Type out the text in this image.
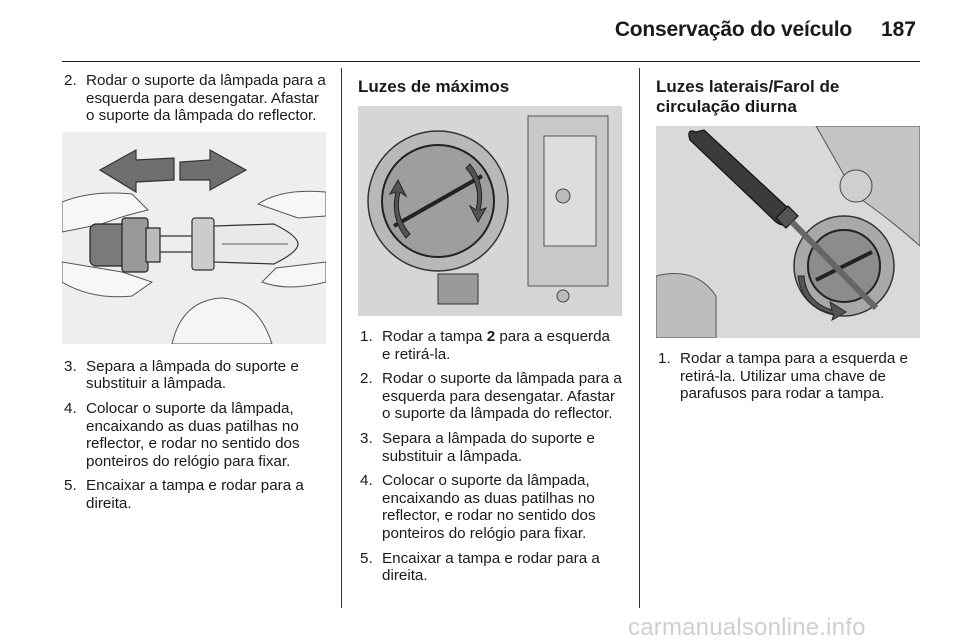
Conservação do veículo 187
2. Rodar o suporte da lâmpada para a esquerda para desengatar. Afastar o suporte da lâmpada do reflector.
3. Separa a lâmpada do suporte e substituir a lâmpada.
4. Colocar o suporte da lâmpada, encaixando as duas patilhas no reflector, e rodar no sentido dos ponteiros do relógio para fixar.
5. Encaixar a tampa e rodar para a direita.
Luzes de máximos
1. Rodar a tampa 2 para a esquerda e retirá-la.
2. Rodar o suporte da lâmpada para a esquerda para desengatar. Afastar o suporte da lâmpada do reflector.
3. Separa a lâmpada do suporte e substituir a lâmpada.
4. Colocar o suporte da lâmpada, encaixando as duas patilhas no reflector, e rodar no sentido dos ponteiros do relógio para fixar.
5. Encaixar a tampa e rodar para a direita.
Luzes laterais/Farol de circulação diurna
1. Rodar a tampa para a esquerda e retirá-la. Utilizar uma chave de parafusos para rodar a tampa.
carmanualsonline.info
